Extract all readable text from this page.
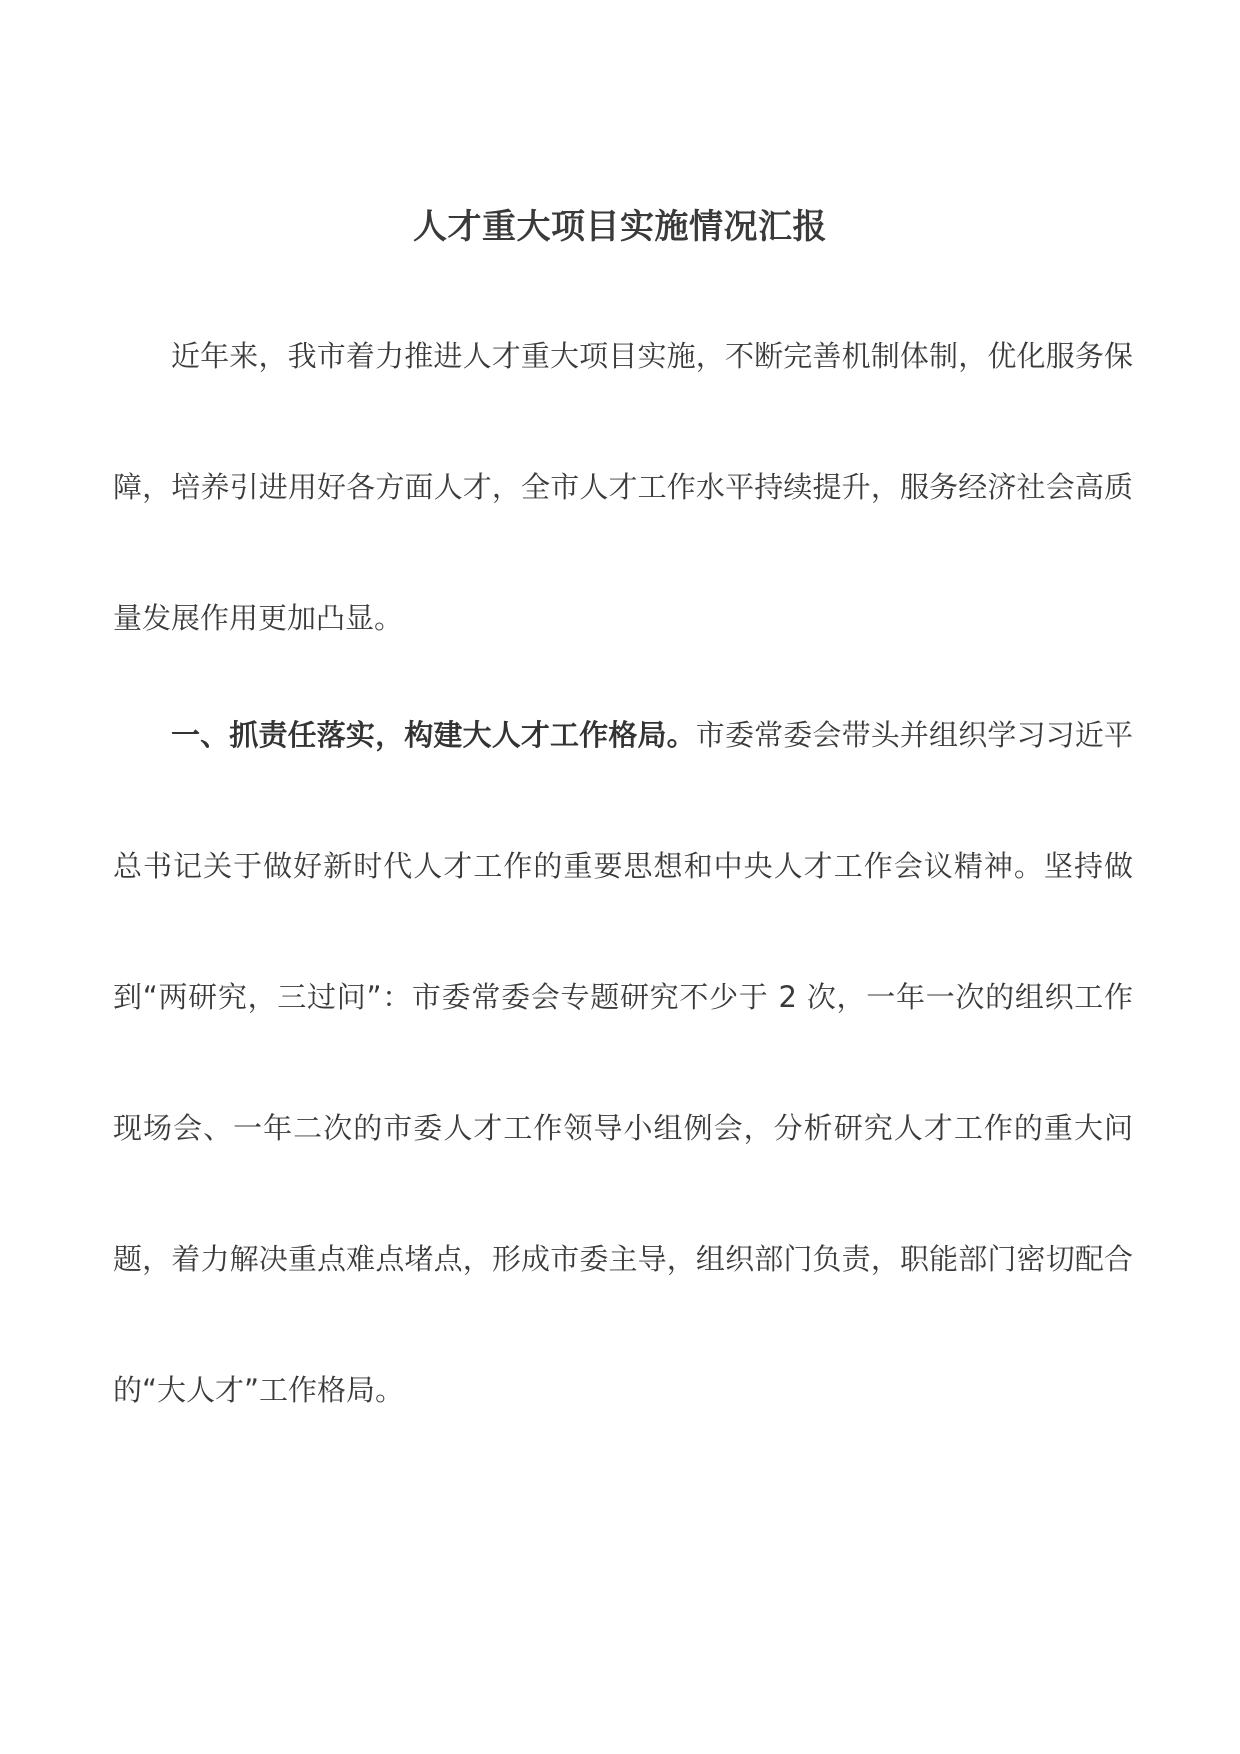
人才重大项目实施情况汇报

近年来，我市着力推进人才重大项目实施，不断完善机制体制，优化服务保障，培养引进用好各方面人才，全市人才工作水平持续提升，服务经济社会高质量发展作用更加凸显。

一、抓责任落实，构建大人才工作格局。市委常委会带头并组织学习习近平总书记关于做好新时代人才工作的重要思想和中央人才工作会议精神。坚持做到“两研究，三过问”：市委常委会专题研究不少于 2 次，一年一次的组织工作现场会、一年二次的市委人才工作领导小组例会，分析研究人才工作的重大问题，着力解决重点难点堵点，形成市委主导，组织部门负责，职能部门密切配合的“大人才”工作格局。
